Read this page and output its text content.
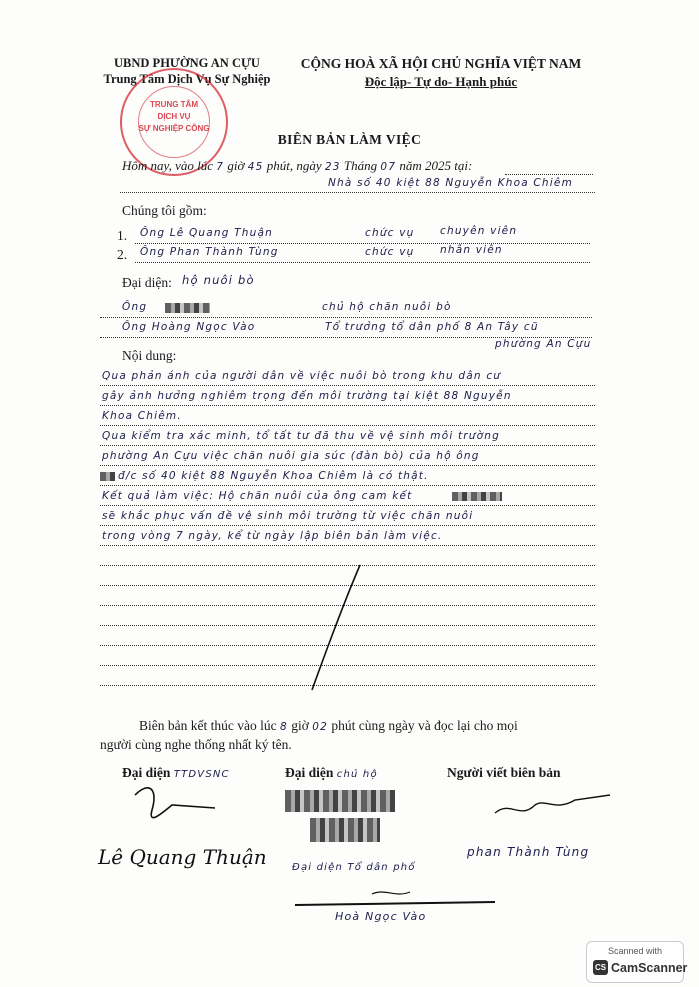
UBND PHƯỜNG AN CỰU
Trung Tâm Dịch Vụ Sự Nghiệp
CỘNG HOÀ XÃ HỘI CHỦ NGHĨA VIỆT NAM
Độc lập- Tự do- Hạnh phúc
TRUNG TÂM
DỊCH VỤ
SỰ NGHIỆP CÔNG
BIÊN BẢN LÀM VIỆC
Hôm nay, vào lúc 7 giờ 45 phút, ngày 23 Tháng 07 năm 2025 tại:
Nhà số 40 kiệt 88 Nguyễn Khoa Chiêm
Chúng tôi gồm:
1. Ông Lê Quang Thuận	chức vụ chuyên viên
2. Ông Phan Thành Tùng	chức vụ nhân viên
Đại diện: hộ nuôi bò
Ông	chủ hộ chăn nuôi bò
Ông Hoàng Ngọc Vào	Tổ trưởng tổ dân phố 8 An Tây cũ
phường An Cựu
Nội dung:
Qua phản ánh của người dân về việc nuôi bò trong khu dân cư
gây ảnh hưởng nghiêm trọng đến môi trường tại kiệt 88 Nguyễn
Khoa Chiêm.
Qua kiểm tra xác minh, tổ tất tư đã thu về vệ sinh môi trường
phường An Cựu việc chăn nuôi gia súc (đàn bò) của hộ ông
đ/c số 40 kiệt 88 Nguyễn Khoa Chiêm là có thật.
Kết quả làm việc: Hộ chăn nuôi của ông cam kết
sẽ khắc phục vấn đề vệ sinh môi trường từ việc chăn nuôi
trong vòng 7 ngày, kể từ ngày lập biên bản làm việc.
Biên bản kết thúc vào lúc 8 giờ 02 phút cùng ngày và đọc lại cho mọi
người cùng nghe thống nhất ký tên.
Đại diện TTDVSNC
Lê Quang Thuận
Đại diện chủ hộ
Đại diện Tổ dân phố
Hoà Ngọc Vào
Người viết biên bản
phan Thành Tùng
Scanned with
CS CamScanner
